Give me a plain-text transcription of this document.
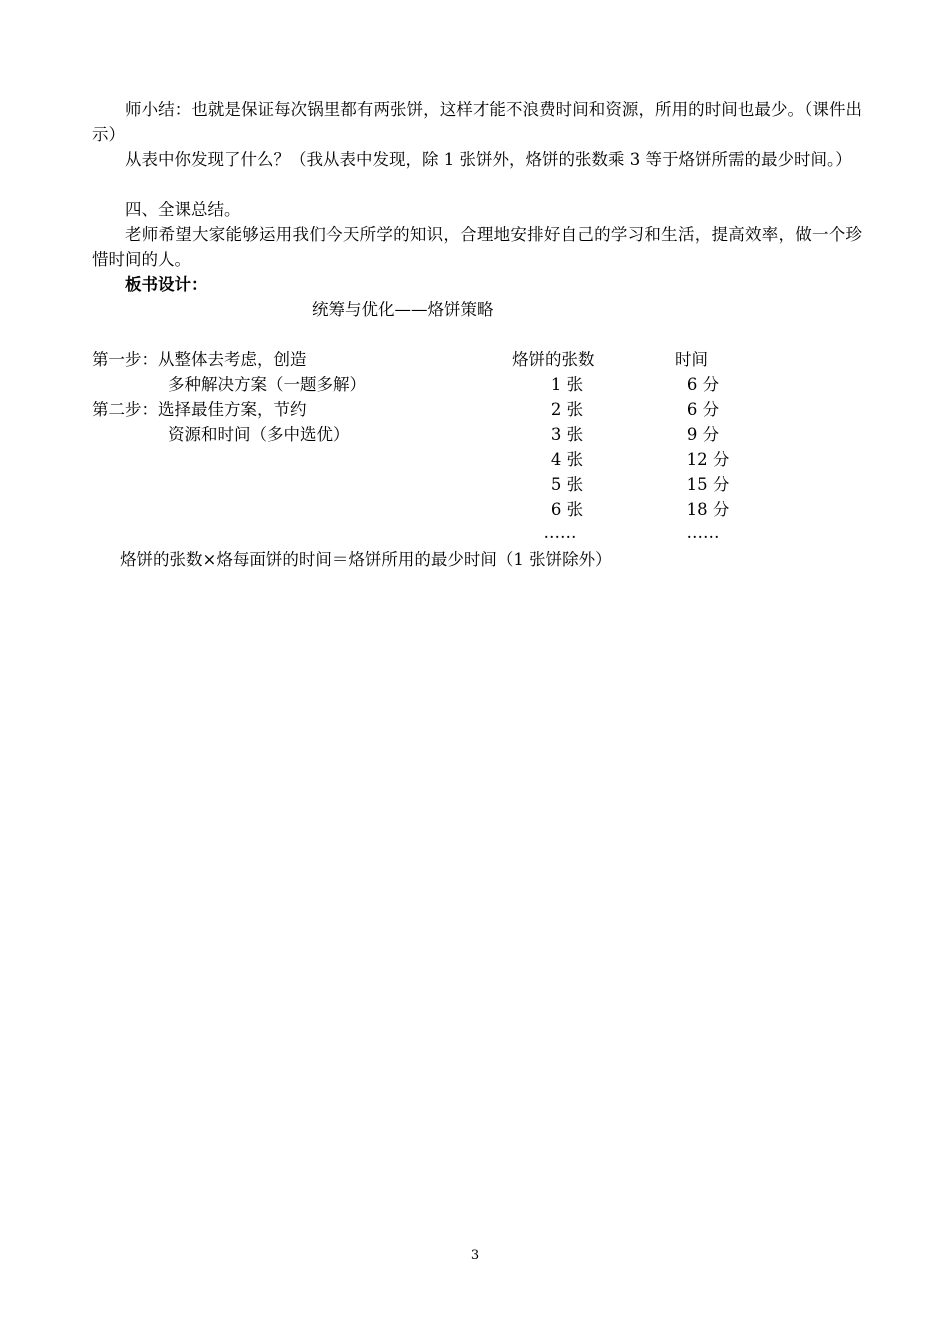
师小结：也就是保证每次锅里都有两张饼，这样才能不浪费时间和资源，所用的时间也最少。（课件出示）

从表中你发现了什么？（我从表中发现，除 1 张饼外，烙饼的张数乘 3 等于烙饼所需的最少时间。）

四、全课总结。

老师希望大家能够运用我们今天所学的知识，合理地安排好自己的学习和生活，提高效率，做一个珍惜时间的人。

板书设计：

统筹与优化——烙饼策略

第一步：从整体去考虑，创造

多种解决方案（一题多解）

第二步：选择最佳方案，节约

资源和时间（多中选优）

烙饼的张数	时间

1 张	6 分
2 张	6 分
3 张	9 分
4 张	12 分
5 张	15 分
6 张	18 分
……	……

烙饼的张数×烙每面饼的时间＝烙饼所用的最少时间（1 张饼除外）

3
